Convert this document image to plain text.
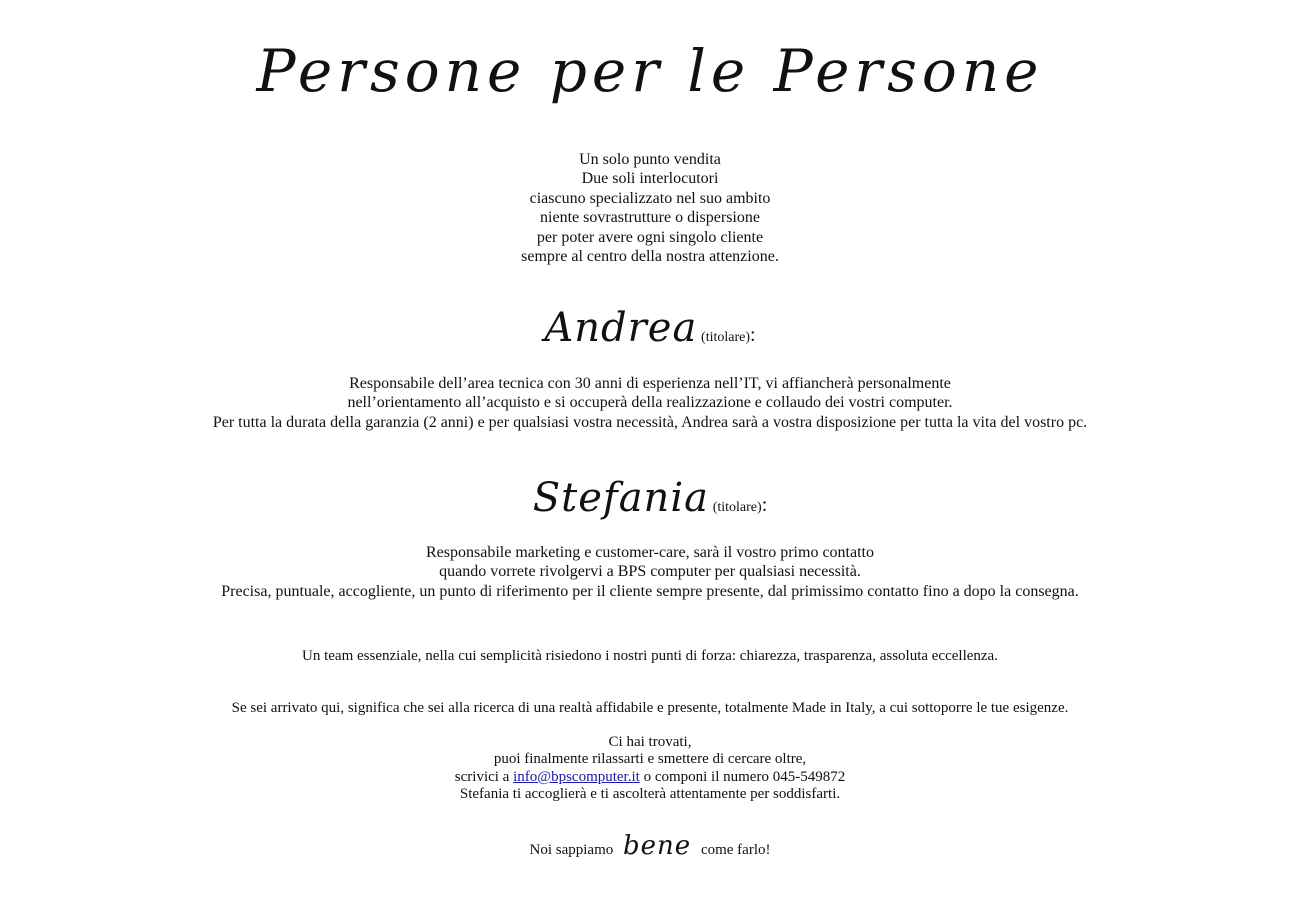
Persone per le Persone
Un solo punto vendita
Due soli interlocutori
ciascuno specializzato nel suo ambito
niente sovrastrutture o dispersione
per poter avere ogni singolo cliente
sempre al centro della nostra attenzione.
Andrea (titolare):
Responsabile dell’area tecnica con 30 anni di esperienza nell’IT, vi affiancherà personalmente
nell’orientamento all’acquisto e si occuperà della realizzazione e collaudo dei vostri computer.
Per tutta la durata della garanzia (2 anni) e per qualsiasi vostra necessità, Andrea sarà a vostra disposizione per tutta la vita del vostro pc.
Stefania (titolare):
Responsabile marketing e customer-care, sarà il vostro primo contatto
quando vorrete rivolgervi a BPS computer per qualsiasi necessità.
Precisa, puntuale, accogliente, un punto di riferimento per il cliente sempre presente, dal primissimo contatto fino a dopo la consegna.
Un team essenziale, nella cui semplicità risiedono i nostri punti di forza: chiarezza, trasparenza, assoluta eccellenza.
Se sei arrivato qui, significa che sei alla ricerca di una realtà affidabile e presente, totalmente Made in Italy, a cui sottoporre le tue esigenze.
Ci hai trovati,
puoi finalmente rilassarti e smettere di cercare oltre,
scrivici a info@bpscomputer.it o componi il numero 045-549872
Stefania ti accoglierà e ti ascolterà attentamente per soddisfarti.
Noi sappiamo bene come farlo!
